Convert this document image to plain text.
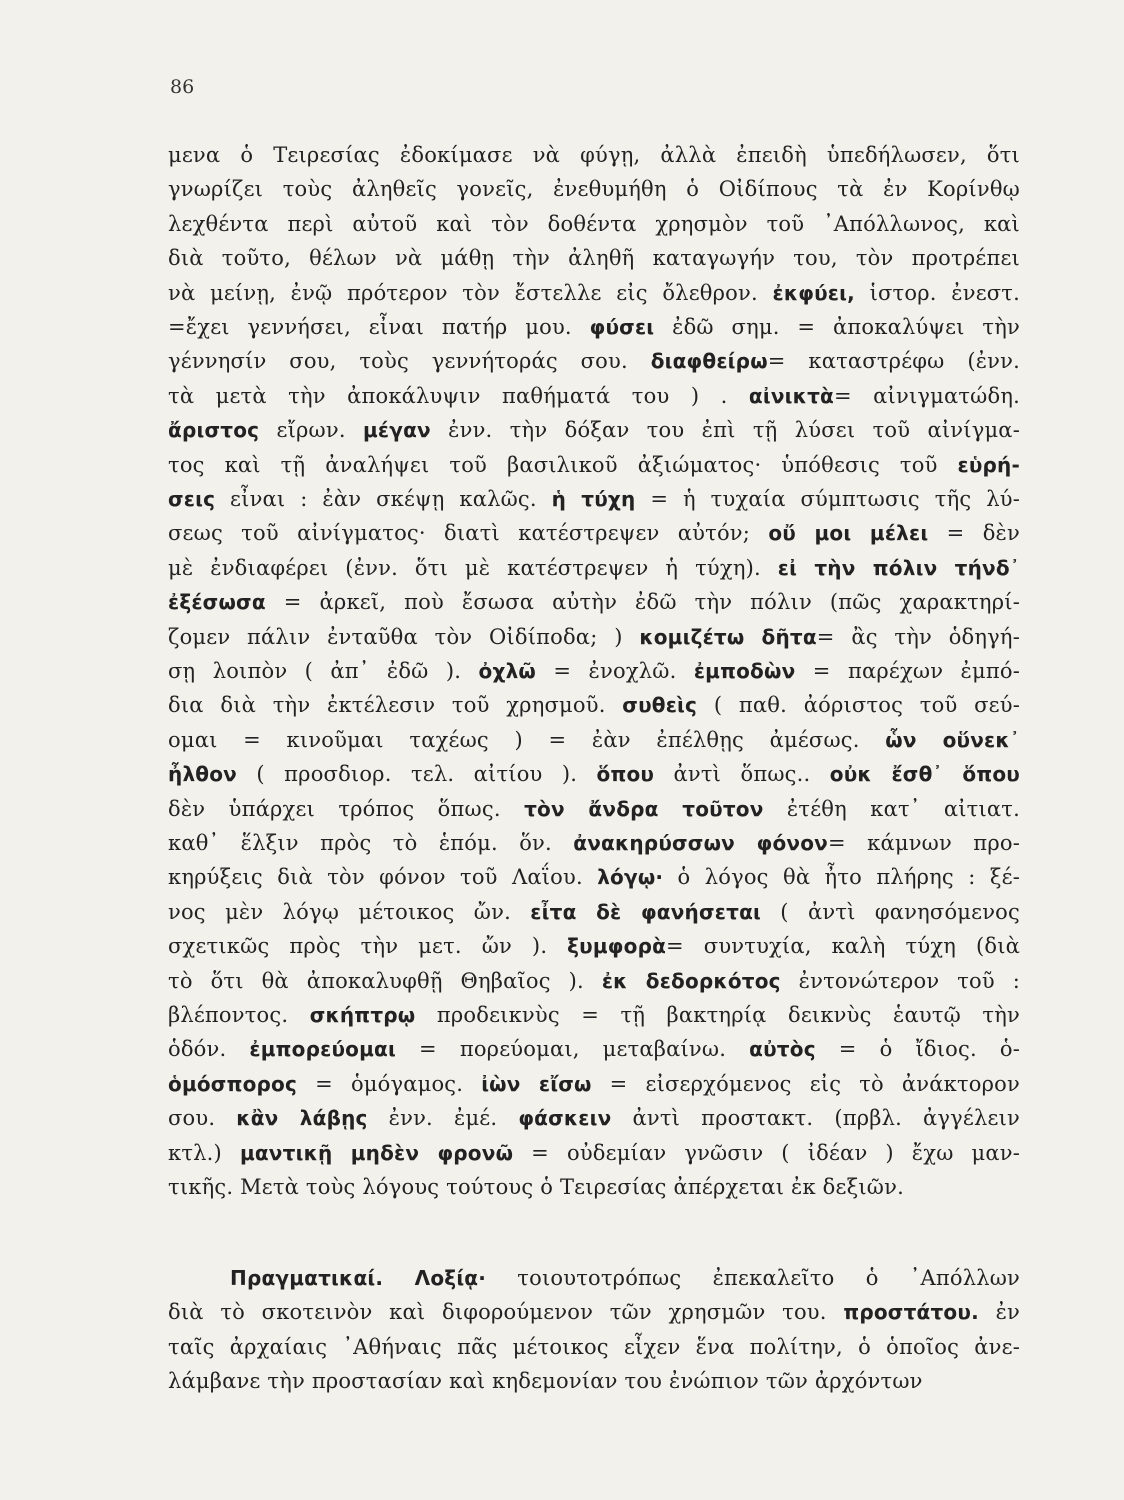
86
μενα ὁ Τειρεσίας ἐδοκίμασε νὰ φύγῃ, ἀλλὰ ἐπειδὴ ὑπεδήλωσεν, ὅτι
γνωρίζει τοὺς ἀληθεῖς γονεῖς, ἐνεθυμήθη ὁ Οἰδίπους τὰ ἐν Κορίνθῳ
λεχθέντα περὶ αὐτοῦ καὶ τὸν δοθέντα χρησμὸν τοῦ ᾿Απόλλωνος, καὶ
διὰ τοῦτο, θέλων νὰ μάθῃ τὴν ἀληθῆ καταγωγήν του, τὸν προτρέπει
νὰ μείνῃ, ἐνῷ πρότερον τὸν ἔστελλε εἰς ὄλεθρον. ἐκφύει, ἱστορ. ἐνεστ.
=ἔχει γεννήσει, εἶναι πατήρ μου. φύσει ἐδῶ σημ. = ἀποκαλύψει τὴν
γέννησίν σου, τοὺς γεννήτοράς σου. διαφθείρω= καταστρέφω (ἐνν.
τὰ μετὰ τὴν ἀποκάλυψιν παθήματά του ) . αἰνικτὰ= αἰνιγματώδη.
ἄριστος εἴρων. μέγαν ἐνν. τὴν δόξαν του ἐπὶ τῇ λύσει τοῦ αἰνίγμα-
τος καὶ τῇ ἀναλήψει τοῦ βασιλικοῦ ἀξιώματος· ὑπόθεσις τοῦ εὑρή-
σεις εἶναι : ἐὰν σκέψῃ καλῶς. ἡ τύχη = ἡ τυχαία σύμπτωσις τῆς λύ-
σεως τοῦ αἰνίγματος· διατὶ κατέστρεψεν αὐτόν; οὔ μοι μέλει = δὲν
μὲ ἐνδιαφέρει (ἐνν. ὅτι μὲ κατέστρεψεν ἡ τύχη). εἰ τὴν πόλιν τήνδ᾿
ἐξέσωσα = ἀρκεῖ, ποὺ ἔσωσα αὐτὴν ἐδῶ τὴν πόλιν (πῶς χαρακτηρί-
ζομεν πάλιν ἐνταῦθα τὸν Οἰδίποδα; ) κομιζέτω δῆτα= ἂς τὴν ὁδηγή-
σῃ λοιπὸν ( ἀπ᾿ ἐδῶ ). ὀχλῶ = ἐνοχλῶ. ἐμποδὼν = παρέχων ἐμπό-
δια διὰ τὴν ἐκτέλεσιν τοῦ χρησμοῦ. συθεὶς ( παθ. ἀόριστος τοῦ σεύ-
ομαι = κινοῦμαι ταχέως ) = ἐὰν ἐπέλθῃς ἀμέσως. ὧν οὕνεκ᾿
ἦλθον ( προσδιορ. τελ. αἰτίου ). ὅπου ἀντὶ ὅπως.. οὐκ ἔσθ᾿ ὅπου
δὲν ὑπάρχει τρόπος ὅπως. τὸν ἄνδρα τοῦτον ἐτέθη κατ᾿ αἰτιατ.
καθ᾿ ἕλξιν πρὸς τὸ ἑπόμ. ὅν. ἀνακηρύσσων φόνον= κάμνων προ-
κηρύξεις διὰ τὸν φόνον τοῦ Λαΐου. λόγῳ· ὁ λόγος θὰ ἦτο πλήρης : ξέ-
νος μὲν λόγῳ μέτοικος ὤν. εἶτα δὲ φανήσεται ( ἀντὶ φανησόμενος
σχετικῶς πρὸς τὴν μετ. ὤν ). ξυμφορὰ= συντυχία, καλὴ τύχη (διὰ
τὸ ὅτι θὰ ἀποκαλυφθῇ Θηβαῖος ). ἐκ δεδορκότος ἐντονώτερον τοῦ :
βλέποντος. σκήπτρῳ προδεικνὺς = τῇ βακτηρίᾳ δεικνὺς ἑαυτῷ τὴν
ὁδόν. ἐμπορεύομαι = πορεύομαι, μεταβαίνω. αὐτὸς = ὁ ἴδιος. ὁ-
ὁμόσπορος = ὁμόγαμος. ἰὼν εἴσω = εἰσερχόμενος εἰς τὸ ἀνάκτορον
σου. κἂν λάβῃς ἐνν. ἐμέ. φάσκειν ἀντὶ προστακτ. (πρβλ. ἀγγέλειν
κτλ.) μαντικῇ μηδὲν φρονῶ = οὐδεμίαν γνῶσιν ( ἰδέαν ) ἔχω μαν-
τικῆς. Μετὰ τοὺς λόγους τούτους ὁ Τειρεσίας ἀπέρχεται ἐκ δεξιῶν.
Πραγματικαί. Λοξίᾳ· τοιουτοτρόπως ἐπεκαλεῖτο ὁ ᾿Απόλλων
διὰ τὸ σκοτεινὸν καὶ διφορούμενον τῶν χρησμῶν του. προστάτου. ἐν
ταῖς ἀρχαίαις ᾿Αθήναις πᾶς μέτοικος εἶχεν ἕνα πολίτην, ὁ ὁποῖος ἀνε-
λάμβανε τὴν προστασίαν καὶ κηδεμονίαν του ἐνώπιον τῶν ἀρχόντων
